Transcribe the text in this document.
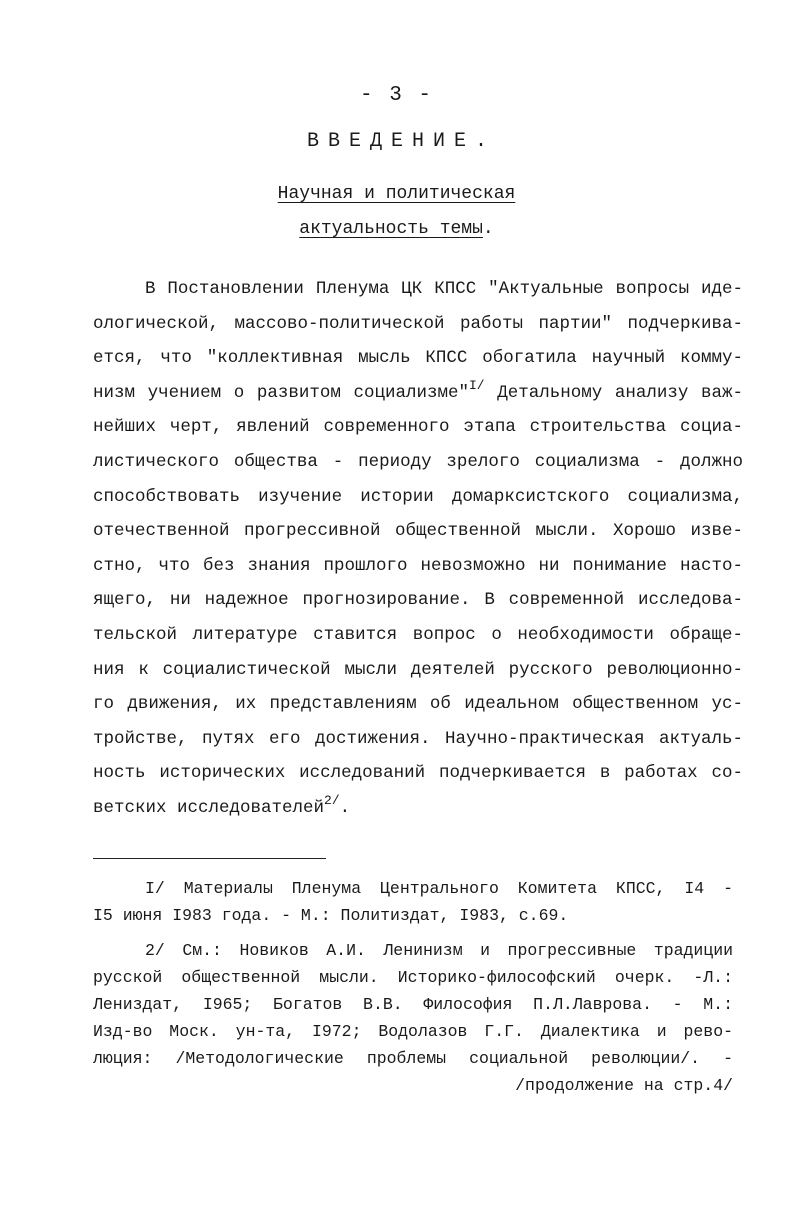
- 3 -
ВВЕДЕНИЕ.
Научная и политическая
актуальность темы.
В Постановлении Пленума ЦК КПСС "Актуальные вопросы иде-
ологической, массово-политической работы партии" подчеркива-
ется, что "коллективная мысль КПСС обогатила научный комму-
низм учением о развитом социализме"$^{I/}$ Детальному анализу важ-
нейших черт, явлений современного этапа строительства социа-
листического общества - периоду зрелого социализма - должно
способствовать изучение истории домарксистского социализма,
отечественной прогрессивной общественной мысли. Хорошо изве-
стно, что без знания прошлого невозможно ни понимание насто-
ящего, ни надежное прогнозирование. В современной исследова-
тельской литературе ставится вопрос о необходимости обраще-
ния к социалистической мысли деятелей русского революционно-
го движения, их представлениям об идеальном общественном ус-
тройстве, путях его достижения. Научно-практическая актуаль-
ность исторических исследований подчеркивается в работах со-
ветских исследователей$^{2/}$.
I/ Материалы Пленума Центрального Комитета КПСС, I4 -
I5 июня I983 года. - М.: Политиздат, I983, с.69.
2/ См.: Новиков А.И. Ленинизм и прогрессивные традиции
русской общественной мысли. Историко-философский очерк. -Л.:
Лениздат, I965; Богатов В.В. Философия П.Л.Лаврова. - М.:
Изд-во Моск. ун-та, I972; Водолазов Г.Г. Диалектика и рево-
люция: /Методологические проблемы социальной революции/. -
/продолжение на стр.4/
